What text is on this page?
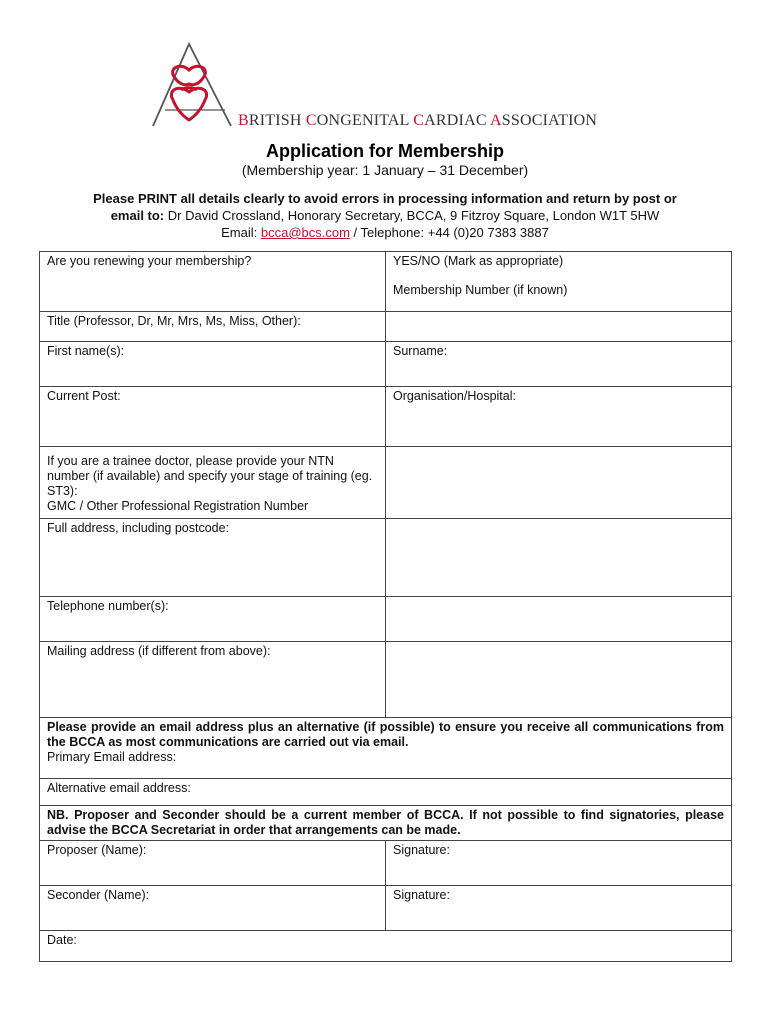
BRITISH CONGENITAL CARDIAC ASSOCIATION
Application for Membership
(Membership year: 1 January – 31 December)
Please PRINT all details clearly to avoid errors in processing information and return by post or
email to: Dr David Crossland, Honorary Secretary, BCCA, 9 Fitzroy Square, London W1T 5HW
Email: bcca@bcs.com / Telephone: +44 (0)20 7383 3887
Are you renewing your membership?	YES/NO (Mark as appropriate)
Membership Number (if known)

Title (Professor, Dr, Mr, Mrs, Ms, Miss, Other):	
First name(s):	Surname:
Current Post:	Organisation/Hospital:

If you are a trainee doctor, please provide your NTN number (if available) and specify your stage of training (eg. ST3):
GMC / Other Professional Registration Number	

Full address, including postcode:	
Telephone number(s):	
Mailing address (if different from above):	

Please provide an email address plus an alternative (if possible) to ensure you receive all communications from the BCCA as most communications are carried out via email.
Primary Email address:	

Alternative email address:	

NB. Proposer and Seconder should be a current member of BCCA. If not possible to find signatories, please advise the BCCA Secretariat in order that arrangements can be made.	

Proposer (Name):	Signature:
Seconder (Name):	Signature:
Date:	
